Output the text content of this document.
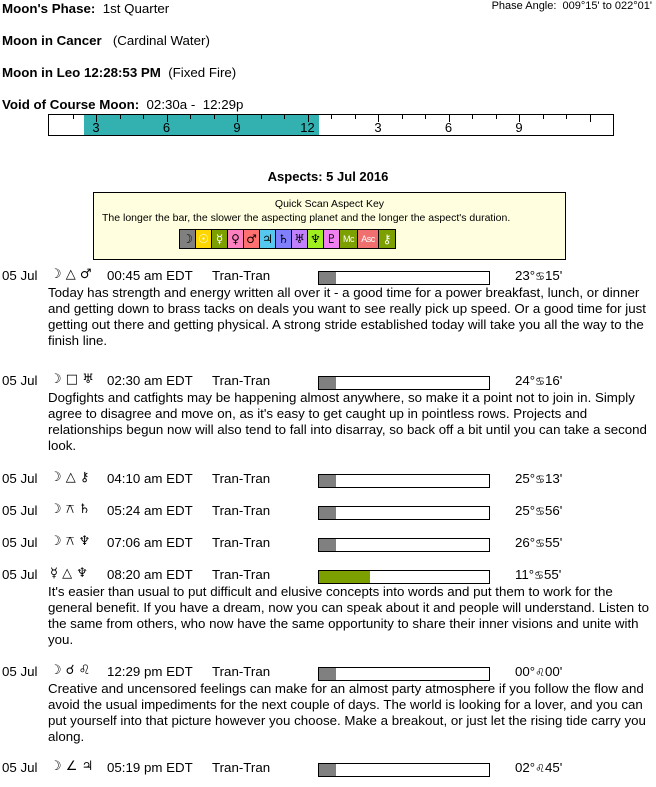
Moon's Phase: 1st Quarter	Phase Angle:  009°15' to 022°01'
Moon in Cancer (Cardinal Water)
Moon in Leo 12:28:53 PM (Fixed Fire)
Void of Course Moon: 02:30a -  12:29p
3	6	9	12	3	6	9
Aspects: 5 Jul 2016
Quick Scan Aspect Key
The longer the bar, the slower the aspecting planet and the longer the aspect's duration.
☽ ☉ ☿ ♀ ♂ ♃ ♄ ♅ ♆ ♇ Mc Asc ⚷
05 Jul ☽ △ ♂ 00:45 am EDT Tran-Tran	23°♋15'
Today has strength and energy written all over it - a good time for a power breakfast, lunch, or dinner and getting down to brass tacks on deals you want to see really pick up speed. Or a good time for just getting out there and getting physical. A strong stride established today will take you all the way to the finish line.
05 Jul ☽ □ ♅ 02:30 am EDT Tran-Tran	24°♋16'
Dogfights and catfights may be happening almost anywhere, so make it a point not to join in. Simply agree to disagree and move on, as it's easy to get caught up in pointless rows. Projects and relationships begun now will also tend to fall into disarray, so back off a bit until you can take a second look.
05 Jul ☽ △ ⚷ 04:10 am EDT Tran-Tran	25°♋13'
05 Jul ☽ ⚻ ♄ 05:24 am EDT Tran-Tran	25°♋56'
05 Jul ☽ ⚻ ♆ 07:06 am EDT Tran-Tran	26°♋55'
05 Jul ☿ △ ♆ 08:20 am EDT Tran-Tran	11°♋55'
It's easier than usual to put difficult and elusive concepts into words and put them to work for the general benefit. If you have a dream, now you can speak about it and people will understand. Listen to the same from others, who now have the same opportunity to share their inner visions and unite with you.
05 Jul ☽ ☌ ♌ 12:29 pm EDT Tran-Tran	00°♌00'
Creative and uncensored feelings can make for an almost party atmosphere if you follow the flow and avoid the usual impediments for the next couple of days. The world is looking for a lover, and you can put yourself into that picture however you choose. Make a breakout, or just let the rising tide carry you along.
05 Jul ☽ ∠ ♃ 05:19 pm EDT Tran-Tran	02°♌45'
